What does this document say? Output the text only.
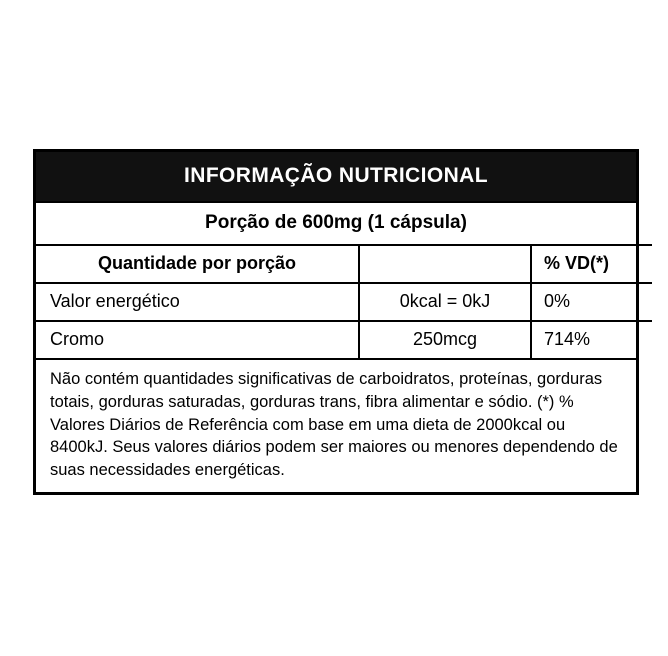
INFORMAÇÃO NUTRICIONAL
Porção de 600mg (1 cápsula)
Quantidade por porção		% VD(*)
Valor energético	0kcal = 0kJ	0%
Cromo	250mcg	714%
Não contém quantidades significativas de carboidratos, proteínas, gorduras totais, gorduras saturadas, gorduras trans, fibra alimentar e sódio. (*) % Valores Diários de Referência com base em uma dieta de 2000kcal ou 8400kJ. Seus valores diários podem ser maiores ou menores dependendo de suas necessidades energéticas.
